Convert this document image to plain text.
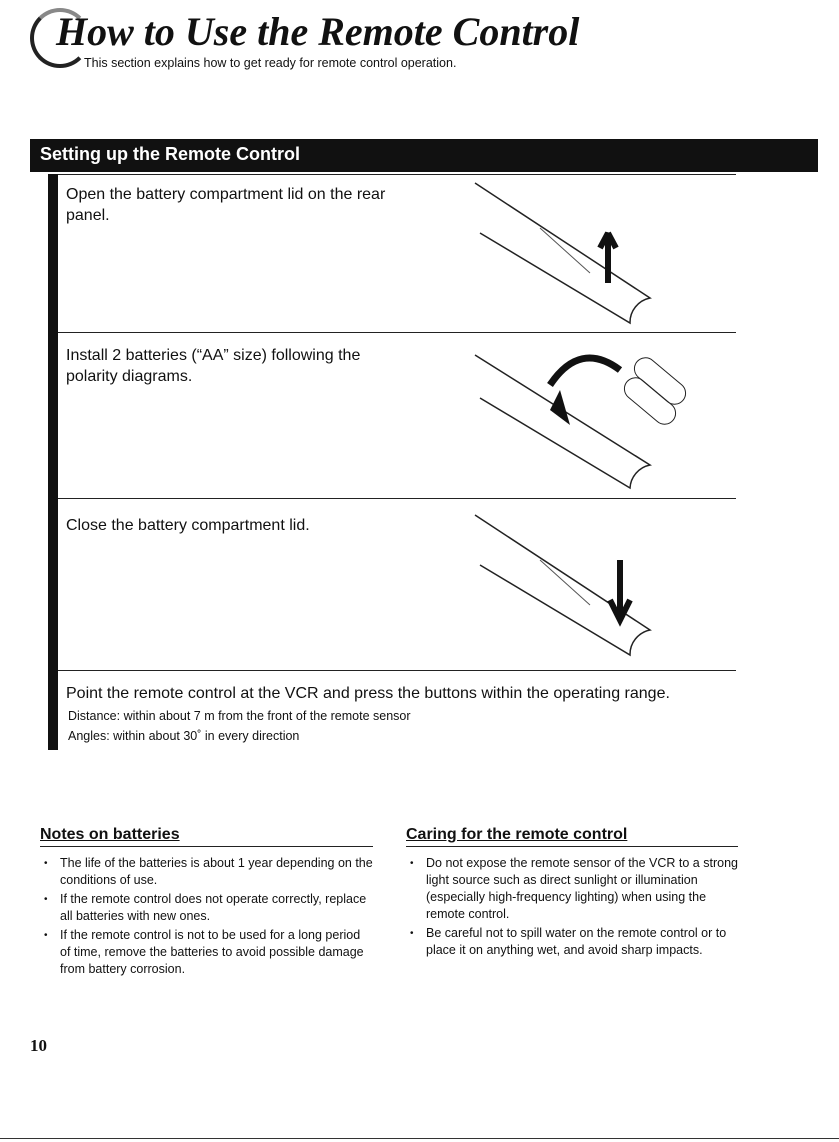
How to Use the Remote Control
This section explains how to get ready for remote control operation.
Setting up the Remote Control
Open the battery compartment lid on the rear panel.
Install 2 batteries (“AA” size) following the polarity diagrams.
Close the battery compartment lid.
Point the remote control at the VCR and press the buttons within the operating range.
Distance: within about 7 m from the front of the remote sensor
Angles: within about 30˚ in every direction
Notes on batteries
• The life of the batteries is about 1 year depending on the conditions of use.
• If the remote control does not operate correctly, replace all batteries with new ones.
• If the remote control is not to be used for a long period of time, remove the batteries to avoid possible damage from battery corrosion.
Caring for the remote control
• Do not expose the remote sensor of the VCR to a strong light source such as direct sunlight or illumination (especially high-frequency lighting) when using the remote control.
• Be careful not to spill water on the remote control or to place it on anything wet, and avoid sharp impacts.
10
